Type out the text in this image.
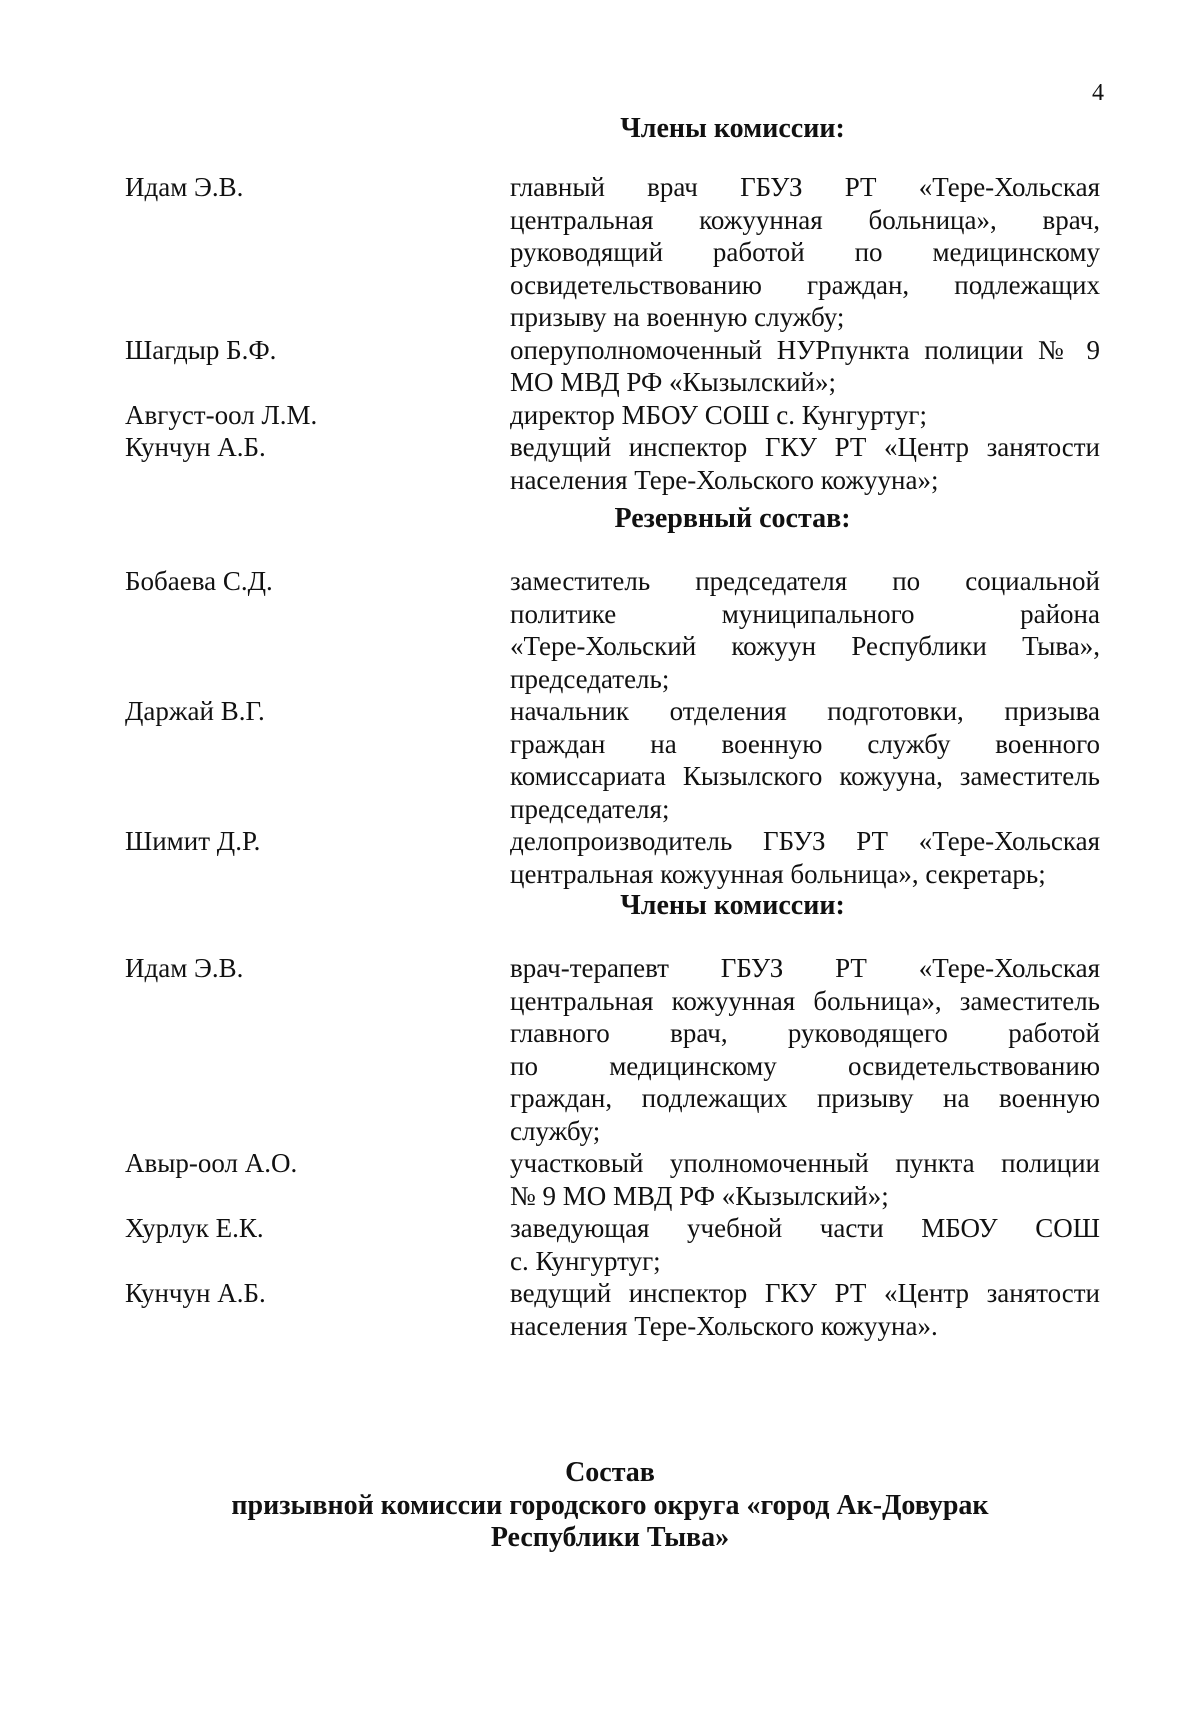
4
Члены комиссии:
Идам Э.В.	главный врач ГБУЗ РТ «Тере-Хольская
центральная кожуунная больница», врач,
руководящий работой по медицинскому
освидетельствованию граждан, подлежащих
призыву на военную службу;
Шагдыр Б.Ф.	оперуполномоченный НУРпункта полиции № 9
МО МВД РФ «Кызылский»;
Август-оол Л.М.	директор МБОУ СОШ с. Кунгуртуг;
Кунчун А.Б.	ведущий инспектор ГКУ РТ «Центр занятости
населения Тере-Хольского кожууна»;
Резервный состав:
Бобаева С.Д.	заместитель председателя по социальной
политике муниципального района
«Тере-Хольский кожуун Республики Тыва»,
председатель;
Даржай В.Г.	начальник отделения подготовки, призыва
граждан на военную службу военного
комиссариата Кызылского кожууна, заместитель
председателя;
Шимит Д.Р.	делопроизводитель ГБУЗ РТ «Тере-Хольская
центральная кожуунная больница», секретарь;
Члены комиссии:
Идам Э.В.	врач-терапевт ГБУЗ РТ «Тере-Хольская
центральная кожуунная больница», заместитель
главного врач, руководящего работой
по медицинскому освидетельствованию
граждан, подлежащих призыву на военную
службу;
Авыр-оол А.О.	участковый уполномоченный пункта полиции
№ 9 МО МВД РФ «Кызылский»;
Хурлук Е.К.	заведующая учебной части МБОУ СОШ
с. Кунгуртуг;
Кунчун А.Б.	ведущий инспектор ГКУ РТ «Центр занятости
населения Тере-Хольского кожууна».
Состав
призывной комиссии городского округа «город Ак-Довурак
Республики Тыва»
